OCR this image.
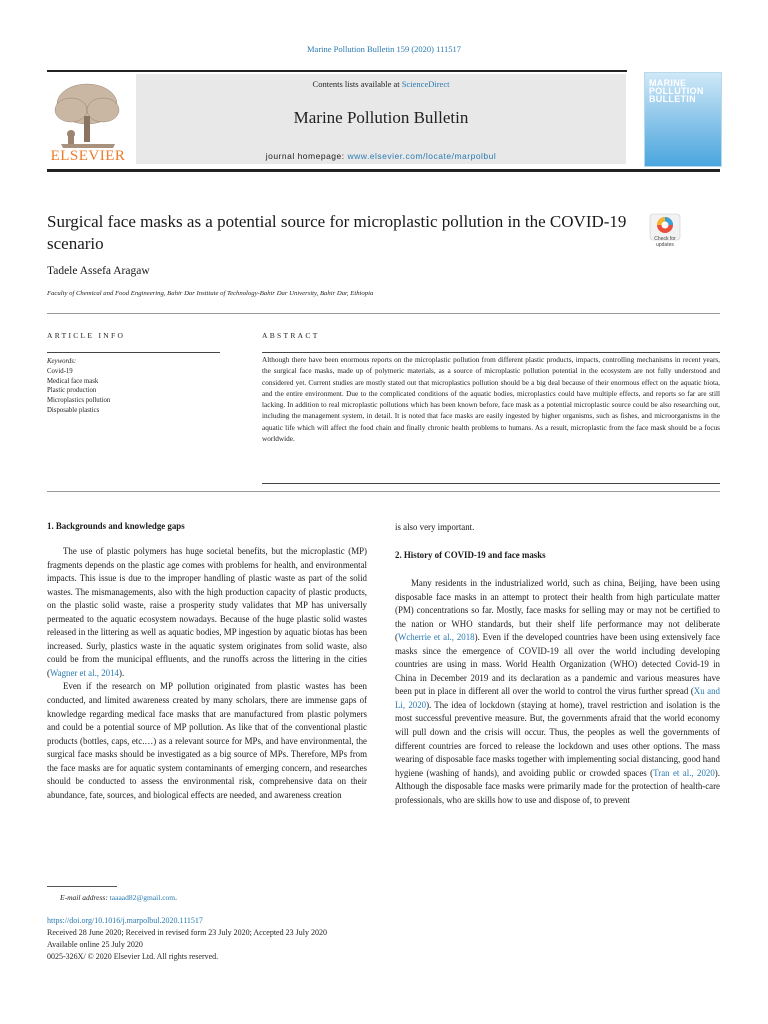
Marine Pollution Bulletin 159 (2020) 111517
ELSEVIER
Contents lists available at ScienceDirect
Marine Pollution Bulletin
journal homepage: www.elsevier.com/locate/marpolbul
MARINE POLLUTION BULLETIN
Surgical face masks as a potential source for microplastic pollution in the COVID-19 scenario	Check for updates
Tadele Assefa Aragaw
Faculty of Chemical and Food Engineering, Bahir Dar Institute of Technology-Bahir Dar University, Bahir Dar, Ethiopia
ARTICLE INFO	ABSTRACT
Keywords:
Covid-19
Medical face mask
Plastic production
Microplastics pollution
Disposable plastics
Although there have been enormous reports on the microplastic pollution from different plastic products, impacts, controlling mechanisms in recent years, the surgical face masks, made up of polymeric materials, as a source of microplastic pollution potential in the ecosystem are not fully understood and considered yet. Current studies are mostly stated out that microplastics pollution should be a big deal because of their enormous effect on the aquatic biota, and the entire environment. Due to the complicated conditions of the aquatic bodies, microplastics could have multiple effects, and reports so far are still lacking. In addition to real microplastic pollutions which has been known before, face mask as a potential microplastic source could be also researching out, including the management system, in detail. It is noted that face masks are easily ingested by higher organisms, such as fishes, and microorganisms in the aquatic life which will affect the food chain and finally chronic health problems to humans. As a result, microplastic from the face mask should be a focus worldwide.
1. Backgrounds and knowledge gaps

The use of plastic polymers has huge societal benefits, but the microplastic (MP) fragments depends on the plastic age comes with problems for health, and environmental impacts. This issue is due to the improper handling of plastic waste as part of the solid wastes. The mismanagements, also with the high production capacity of plastic products, on the plastic solid waste, raise a prosperity study validates that MP has universally permeated to the aquatic ecosystem nowadays. Because of the huge plastic solid wastes released in the littering as well as aquatic bodies, MP ingestion by aquatic biotas has been increased. Surly, plastics waste in the aquatic system originates from solid waste, also could be from the municipal effluents, and the runoffs across the littering in the cities (Wagner et al., 2014).

Even if the research on MP pollution originated from plastic wastes has been conducted, and limited awareness created by many scholars, there are immense gaps of knowledge regarding medical face masks that are manufactured from plastic polymers and could be a potential source of MP pollution. As like that of the conventional plastic products (bottles, caps, etc.…) as a relevant source for MPs, and have environmental, the surgical face masks should be investigated as a big source of MPs. Therefore, MPs from the face masks are for aquatic system contaminants of emerging concern, and researches should be conducted to assess the environmental risk, comprehensive data on their abundance, fate, sources, and biological effects are needed, and awareness creation

is also very important.
2. History of COVID-19 and face masks

Many residents in the industrialized world, such as china, Beijing, have been using disposable face masks in an attempt to protect their health from high particulate matter (PM) concentrations so far. Mostly, face masks for selling may or may not be certified to the nation or WHO standards, but their shelf life performance may not deliberate (Wcherrie et al., 2018). Even if the developed countries have been using extensively face masks since the emergence of COVID-19 all over the world including developing countries are using in mass. World Health Organization (WHO) detected Covid-19 in China in December 2019 and its declaration as a pandemic and various measures have been put in place in different all over the world to control the virus further spread (Xu and Li, 2020). The idea of lockdown (staying at home), travel restriction and isolation is the most successful preventive measure. But, the governments afraid that the world economy will pull down and the crisis will occur. Thus, the peoples as well the governments of different countries are forced to release the lockdown and uses other options. The mass wearing of disposable face masks together with implementing social distancing, good hand hygiene (washing of hands), and avoiding public or crowded spaces (Tran et al., 2020). Although the disposable face masks were primarily made for the protection of health-care professionals, who are skills how to use and dispose of, to prevent

E-mail address: taaaad82@gmail.com.
https://doi.org/10.1016/j.marpolbul.2020.111517
Received 28 June 2020; Received in revised form 23 July 2020; Accepted 23 July 2020
Available online 25 July 2020
0025-326X/ © 2020 Elsevier Ltd. All rights reserved.
